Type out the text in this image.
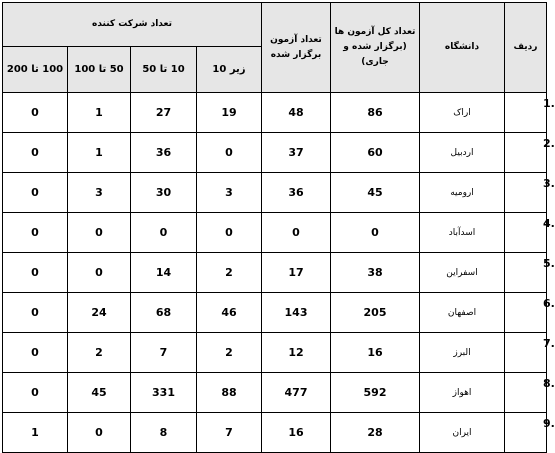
ردیف	دانشگاه	تعداد کل آزمون ها (برگزار شده و جاری)	تعداد آزمون برگزار شده	تعداد شرکت کننده			
				زیر 10	10 تا 50	50 تا 100	100 تا 200
1.	اراک	86	48	19	27	1	0
2.	اردبیل	60	37	0	36	1	0
3.	ارومیه	45	36	3	30	3	0
4.	اسدآباد	0	0	0	0	0	0
5.	اسفراین	38	17	2	14	0	0
6.	اصفهان	205	143	46	68	24	0
7.	البرز	16	12	2	7	2	0
8.	اهواز	592	477	88	331	45	0
9.	ایران	28	16	7	8	0	1
